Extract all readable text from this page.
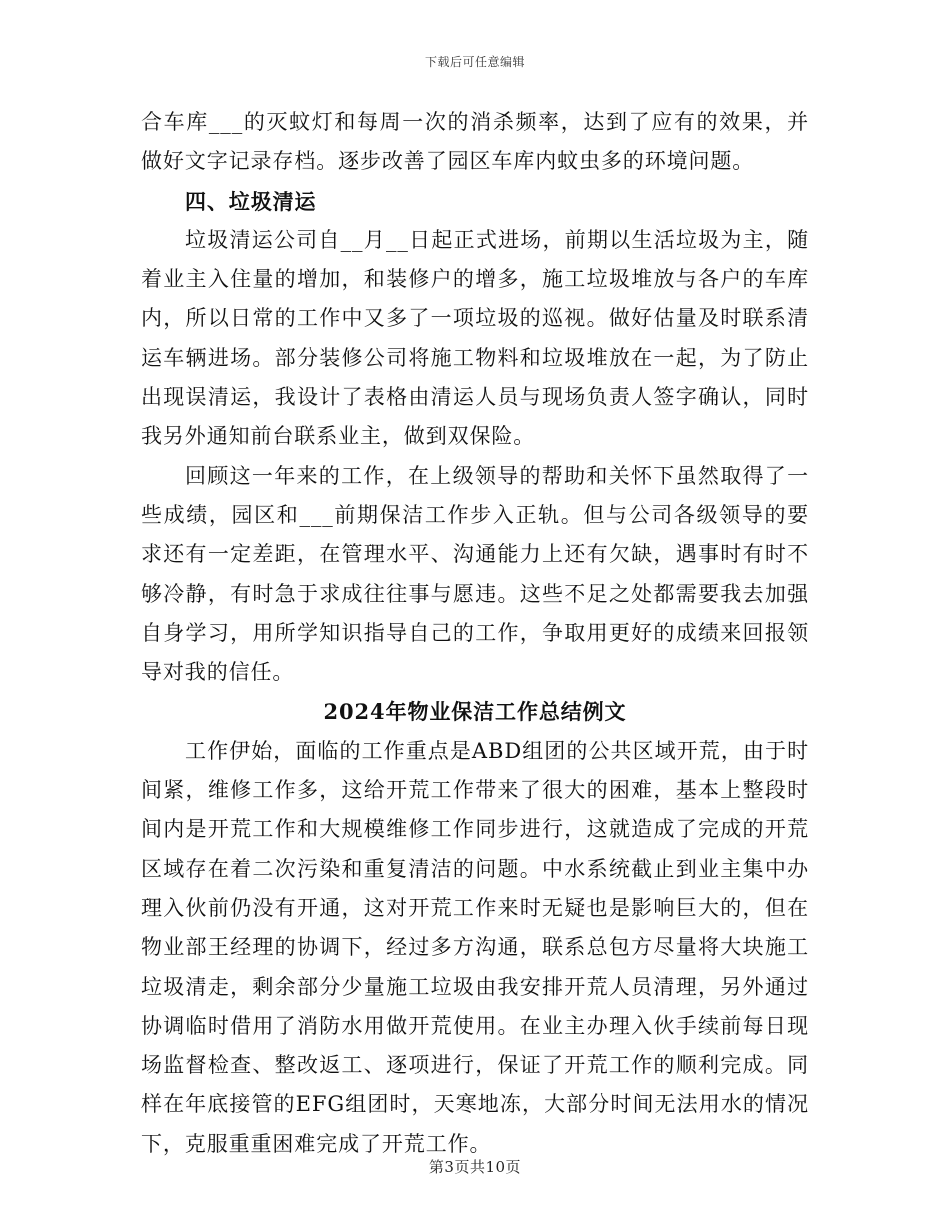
下载后可任意编辑

合车库___的灭蚊灯和每周一次的消杀频率，达到了应有的效果，并做好文字记录存档。逐步改善了园区车库内蚊虫多的环境问题。

四、垃圾清运

垃圾清运公司自__月__日起正式进场，前期以生活垃圾为主，随着业主入住量的增加，和装修户的增多，施工垃圾堆放与各户的车库内，所以日常的工作中又多了一项垃圾的巡视。做好估量及时联系清运车辆进场。部分装修公司将施工物料和垃圾堆放在一起，为了防止出现误清运，我设计了表格由清运人员与现场负责人签字确认，同时我另外通知前台联系业主，做到双保险。

回顾这一年来的工作，在上级领导的帮助和关怀下虽然取得了一些成绩，园区和___前期保洁工作步入正轨。但与公司各级领导的要求还有一定差距，在管理水平、沟通能力上还有欠缺，遇事时有时不够冷静，有时急于求成往往事与愿违。这些不足之处都需要我去加强自身学习，用所学知识指导自己的工作，争取用更好的成绩来回报领导对我的信任。

2024年物业保洁工作总结例文

工作伊始，面临的工作重点是ABD组团的公共区域开荒，由于时间紧，维修工作多，这给开荒工作带来了很大的困难，基本上整段时间内是开荒工作和大规模维修工作同步进行，这就造成了完成的开荒区域存在着二次污染和重复清洁的问题。中水系统截止到业主集中办理入伙前仍没有开通，这对开荒工作来时无疑也是影响巨大的，但在物业部王经理的协调下，经过多方沟通，联系总包方尽量将大块施工垃圾清走，剩余部分少量施工垃圾由我安排开荒人员清理，另外通过协调临时借用了消防水用做开荒使用。在业主办理入伙手续前每日现场监督检查、整改返工、逐项进行，保证了开荒工作的顺利完成。同样在年底接管的EFG组团时，天寒地冻，大部分时间无法用水的情况下，克服重重困难完成了开荒工作。

第3页共10页
